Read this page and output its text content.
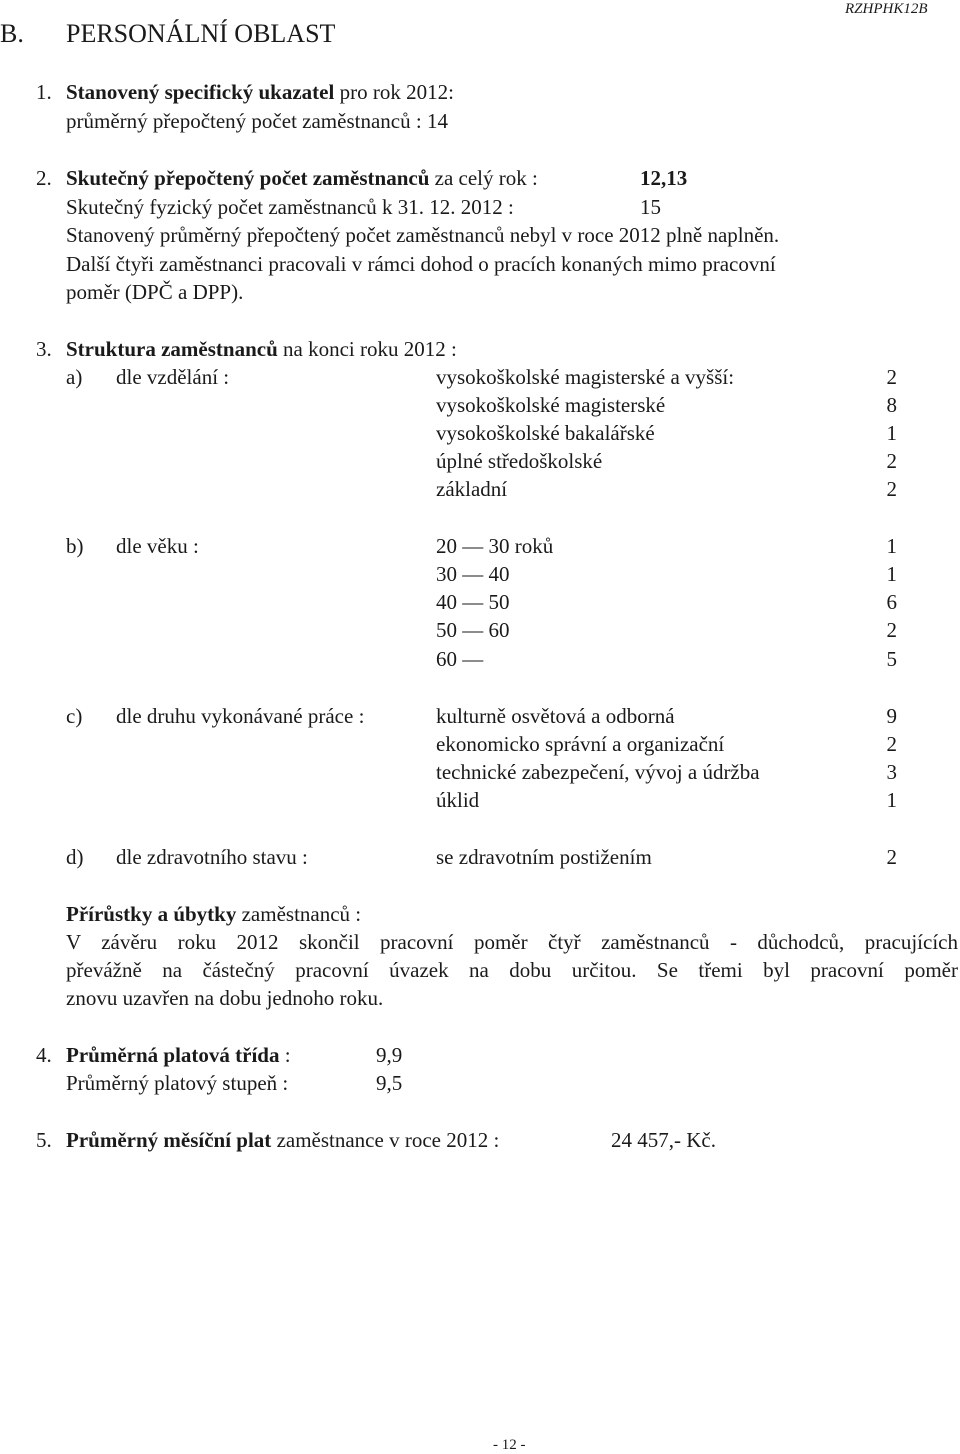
RZHPHK12B
B. PERSONÁLNÍ OBLAST
1. Stanovený specifický ukazatel pro rok 2012:
průměrný přepočtený počet zaměstnanců : 14
2. Skutečný přepočtený počet zaměstnanců za celý rok :	12,13
Skutečný fyzický počet zaměstnanců k 31. 12. 2012 :	15
Stanovený průměrný přepočtený počet zaměstnanců nebyl v roce 2012 plně naplněn.
Další čtyři zaměstnanci pracovali v rámci dohod o pracích konaných mimo pracovní
poměr (DPČ a DPP).
3. Struktura zaměstnanců na konci roku 2012 :
a) dle vzdělání :	vysokoškolské magisterské a vyšší:	2
vysokoškolské magisterské	8
vysokoškolské bakalářské	1
úplné středoškolské	2
základní	2
b) dle věku :	20 — 30 roků	1
30 — 40	1
40 — 50	6
50 — 60	2
60 —	5
c) dle druhu vykonávané práce :	kulturně osvětová a odborná	9
ekonomicko správní a organizační	2
technické zabezpečení, vývoj a údržba	3
úklid	1
d) dle zdravotního stavu :	se zdravotním postižením	2
Přírůstky a úbytky zaměstnanců :
V závěru roku 2012 skončil pracovní poměr čtyř zaměstnanců - důchodců, pracujících
převážně na částečný pracovní úvazek na dobu určitou. Se třemi byl pracovní poměr
znovu uzavřen na dobu jednoho roku.
4. Průměrná platová třída :	9,9
Průměrný platový stupeň :	9,5
5. Průměrný měsíční plat zaměstnance v roce 2012 :	24 457,- Kč.
- 12 -
